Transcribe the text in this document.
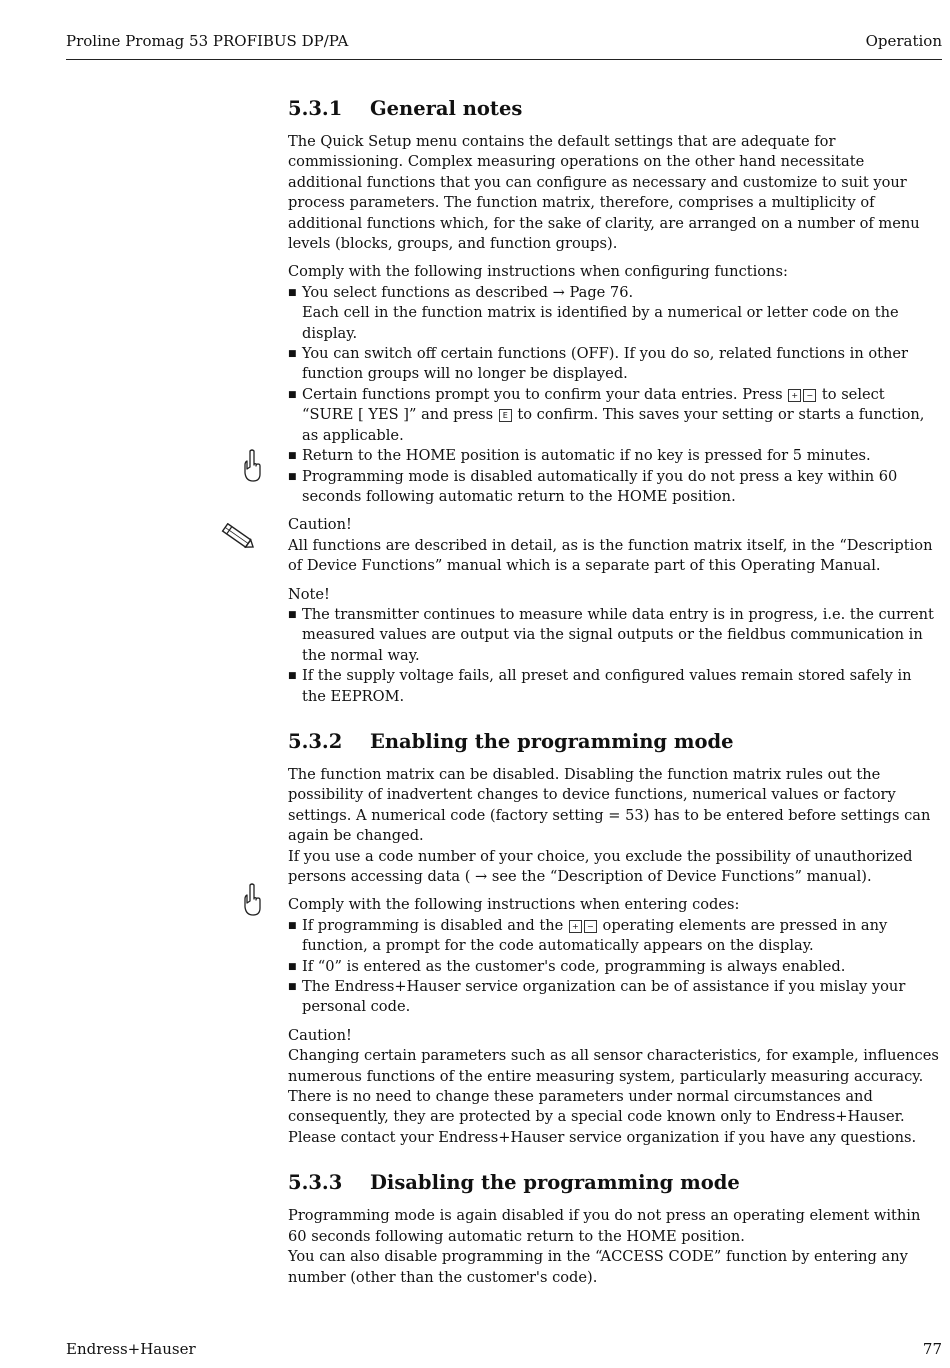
Proline Promag 53 PROFIBUS DP/PA	Operation
5.3.1 General notes

The Quick Setup menu contains the default settings that are adequate for commissioning. Complex measuring operations on the other hand necessitate additional functions that you can configure as necessary and customize to suit your process parameters. The function matrix, therefore, comprises a multiplicity of additional functions which, for the sake of clarity, are arranged on a number of menu levels (blocks, groups, and function groups).

Comply with the following instructions when configuring functions:

■ You select functions as described → Page 76.
Each cell in the function matrix is identified by a numerical or letter code on the display.
■ You can switch off certain functions (OFF). If you do so, related functions in other function groups will no longer be displayed.
■ Certain functions prompt you to confirm your data entries. Press + − to select “SURE [ YES ]” and press E to confirm. This saves your setting or starts a function, as applicable.
■ Return to the HOME position is automatic if no key is pressed for 5 minutes.
■ Programming mode is disabled automatically if you do not press a key within 60 seconds following automatic return to the HOME position.

Caution!

All functions are described in detail, as is the function matrix itself, in the “Description of Device Functions” manual which is a separate part of this Operating Manual.

Note!

■ The transmitter continues to measure while data entry is in progress, i.e. the current measured values are output via the signal outputs or the fieldbus communication in the normal way.
■ If the supply voltage fails, all preset and configured values remain stored safely in the EEPROM.
5.3.2 Enabling the programming mode

The function matrix can be disabled. Disabling the function matrix rules out the possibility of inadvertent changes to device functions, numerical values or factory settings. A numerical code (factory setting = 53) has to be entered before settings can again be changed.

If you use a code number of your choice, you exclude the possibility of unauthorized persons accessing data ( → see the “Description of Device Functions” manual).

Comply with the following instructions when entering codes:

■ If programming is disabled and the + − operating elements are pressed in any function, a prompt for the code automatically appears on the display.
■ If “0” is entered as the customer's code, programming is always enabled.
■ The Endress+Hauser service organization can be of assistance if you mislay your personal code.

Caution!

Changing certain parameters such as all sensor characteristics, for example, influences numerous functions of the entire measuring system, particularly measuring accuracy.

There is no need to change these parameters under normal circumstances and consequently, they are protected by a special code known only to Endress+Hauser. Please contact your Endress+Hauser service organization if you have any questions.

5.3.3 Disabling the programming mode

Programming mode is again disabled if you do not press an operating element within 60 seconds following automatic return to the HOME position.

You can also disable programming in the “ACCESS CODE” function by entering any number (other than the customer's code).

Endress+Hauser	77
